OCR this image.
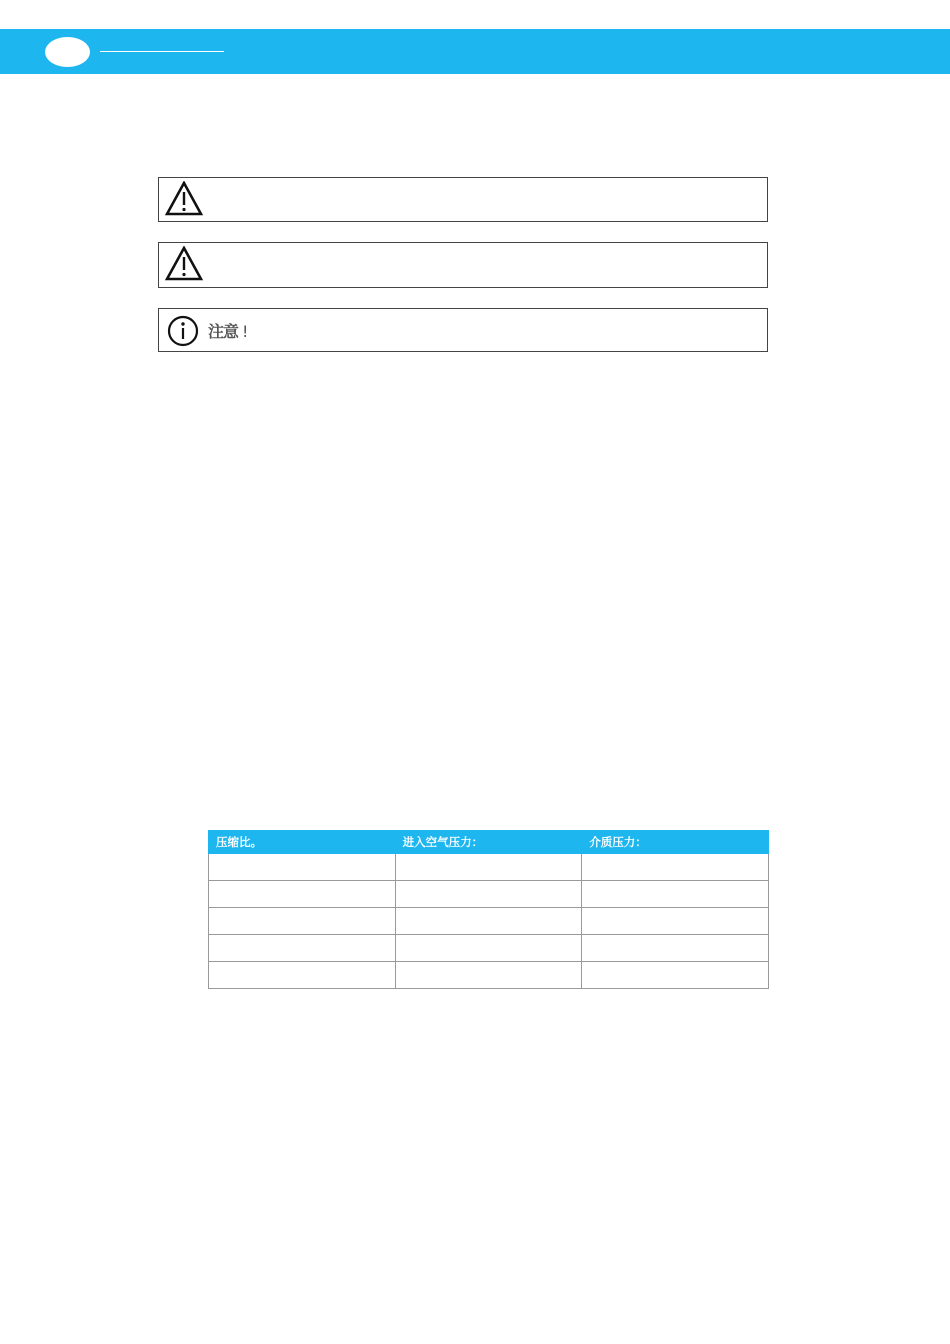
注意 !
压缩比。	进入空气压力：	介质压力：
